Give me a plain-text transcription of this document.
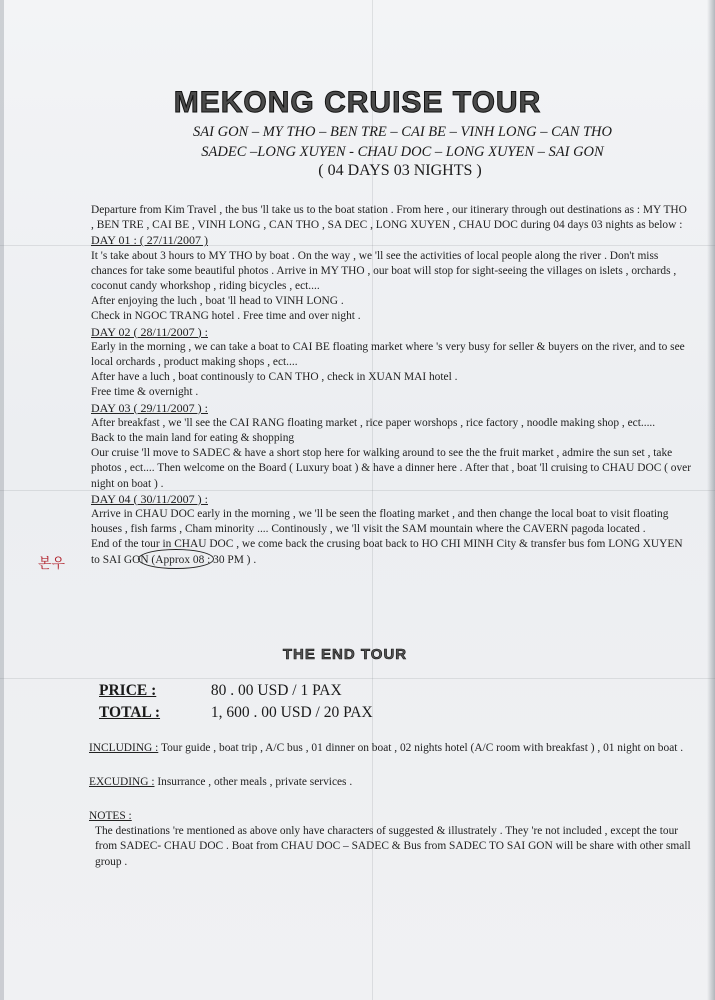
MEKONG CRUISE TOUR
SAI GON – MY THO – BEN TRE – CAI BE – VINH LONG – CAN THO
SADEC –LONG XUYEN - CHAU DOC – LONG XUYEN – SAI GON
( 04 DAYS 03 NIGHTS )

Departure from Kim Travel , the bus 'll take us to the boat station . From here , our itinerary through out destinations as : MY THO , BEN TRE , CAI BE , VINH LONG , CAN THO , SA DEC , LONG XUYEN , CHAU DOC during 04 days 03 nights as below :

DAY 01 : ( 27/11/2007 )

It 's take about 3 hours to MY THO by boat . On the way , we 'll see the activities of local people along the river . Don't miss chances for take some beautiful photos . Arrive in MY THO , our boat will stop for sight-seeing the villages on islets , orchards , coconut candy whorkshop , riding bicycles , ect....

After enjoying the luch , boat 'll head to VINH LONG .

Check in NGOC TRANG hotel . Free time and over night .

DAY 02 ( 28/11/2007 ) :

Early in the morning , we can take a boat to CAI BE floating market where 's very busy for seller & buyers on the river, and to see local orchards , product making shops , ect....

After have a luch , boat continously to CAN THO , check in XUAN MAI hotel .

Free time & overnight .

DAY 03 ( 29/11/2007 ) :

After breakfast , we 'll see the CAI RANG floating market , rice paper worshops , rice factory , noodle making shop , ect.....

Back to the main land for eating & shopping

Our cruise 'll move to SADEC & have a short stop here for walking around to see the the fruit market , admire the sun set , take photos , ect.... Then welcome on the Board ( Luxury boat ) & have a dinner here . After that , boat 'll cruising to CHAU DOC ( over night on boat ) .

DAY 04 ( 30/11/2007 ) :

Arrive in CHAU DOC early in the morning , we 'll be seen the floating market , and then change the local boat to visit floating houses , fish farms , Cham minority .... Continously , we 'll visit the SAM mountain where the CAVERN pagoda located .

End of the tour in CHAU DOC , we come back the crusing boat back to HO CHI MINH City & transfer bus fom LONG XUYEN to SAI GON (Approx 08 : 30 PM ) .

본우
THE END TOUR
PRICE :	80 . 00 USD / 1 PAX
TOTAL :	1, 600 . 00 USD / 20 PAX

INCLUDING : Tour guide , boat trip , A/C bus , 01 dinner on boat , 02 nights hotel (A/C room with breakfast ) , 01 night on boat .

EXCUDING : Insurrance , other meals , private services .

NOTES :

The destinations 're mentioned as above only have characters of suggested & illustrately . They 're not included , except the tour from SADEC- CHAU DOC . Boat from CHAU DOC – SADEC & Bus from SADEC TO SAI GON will be share with other small group .
